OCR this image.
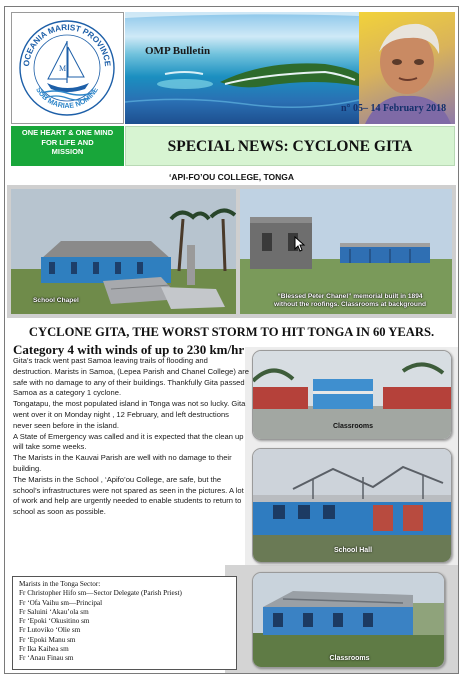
OCEANIA MARIST PROVINCE
SUB MARIAE NOMINE
M
OMP Bulletin
n° 05– 14 February 2018
ONE HEART & ONE MIND
FOR LIFE AND
MISSION	SPECIAL NEWS: CYCLONE GITA
‘API-FO’OU COLLEGE, TONGA
School Chapel
“Blessed Peter Chanel” memorial built in 1894
without the roofings. Classrooms at background
CYCLONE GITA, THE WORST STORM TO HIT TONGA IN 60 YEARS.
Category 4 with winds of up to 230 km/hr
Classrooms
School Hall
Classrooms

Gita’s track went past Samoa leaving trails of flooding and destruction. Marists in Samoa, (Lepea Parish and Chanel College) are safe with no damage to any of their buildings. Thankfully Gita passed Samoa as a category 1 cyclone.

Tongatapu, the most populated island in Tonga was not so lucky. Gita went over it on Monday night , 12 February, and left destructions never seen before in the island.

A State of Emergency was called and it is expected that the clean up will take some weeks.

The Marists in the Kauvai Parish are well with no damage to their building.

The Marists in the School , ‘Apifo’ou College, are safe, but the school’s infrastructures were not spared as seen in the pictures. A lot of work and help are urgently needed to enable students to return to school as soon as possible.

Marists in the Tonga Sector:
Fr Christopher Hifo sm—Sector Delegate (Parish Priest)
Fr ‘Ofa Vaihu sm—Principal
Fr Saluini ‘Akau’ola sm
Fr ‘Epoki ‘Okusitino sm
Fr Lutoviko ‘Olie sm
Fr ‘Epoki Manu sm
Fr Ika Kaihea sm
Fr ‘Anau Finau sm
